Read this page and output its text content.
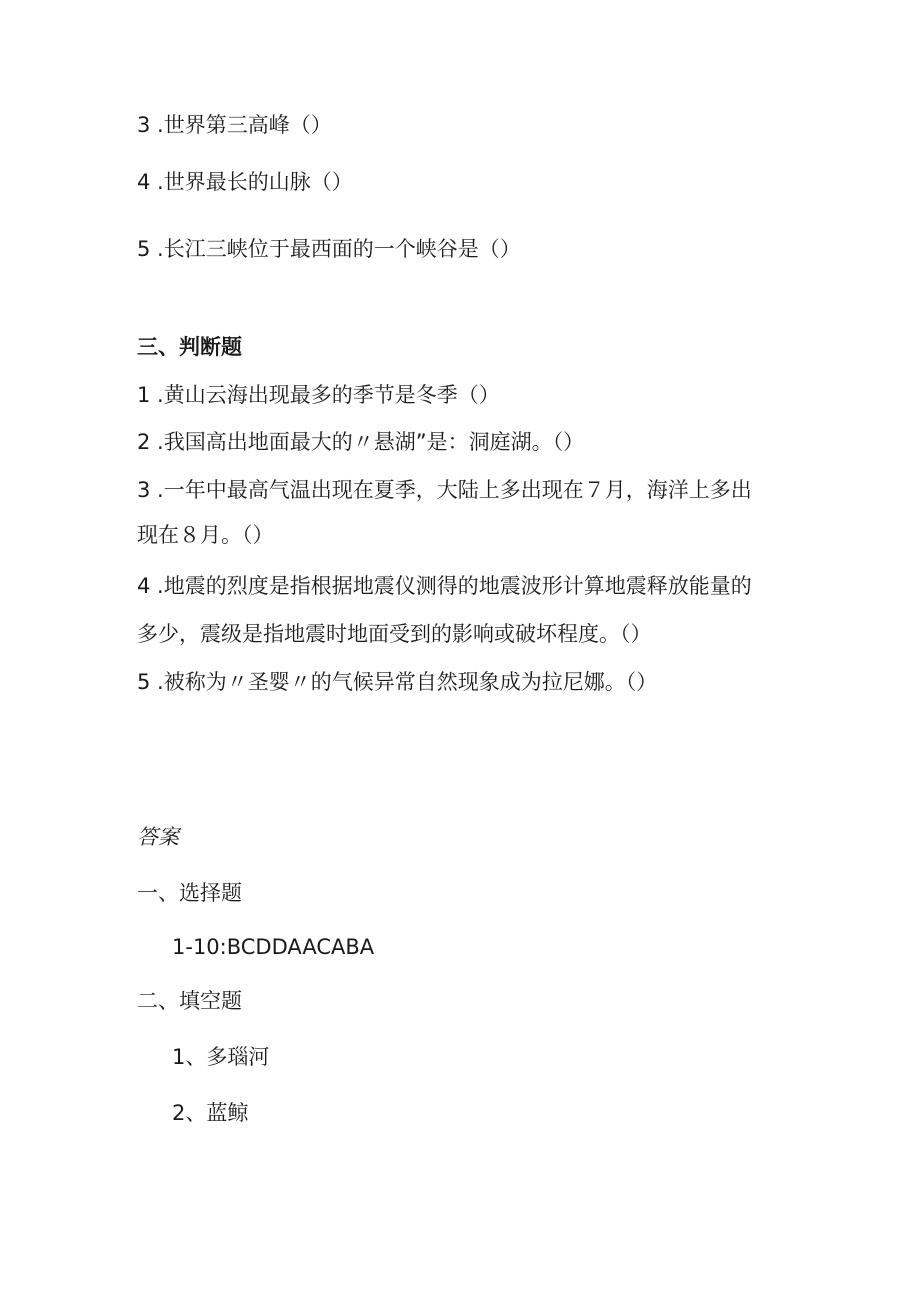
3 .世界第三高峰（）

4 .世界最长的山脉（）

5 .长江三峡位于最西面的一个峡谷是（）

三、判断题

1 .黄山云海出现最多的季节是冬季（）

2 .我国高出地面最大的〃悬湖”是：洞庭湖。（）

3 .一年中最高气温出现在夏季，大陆上多出现在７月，海洋上多出

现在８月。（）

4 .地震的烈度是指根据地震仪测得的地震波形计算地震释放能量的

多少，震级是指地震时地面受到的影响或破坏程度。（）

5 .被称为〃圣婴〃的气候异常自然现象成为拉尼娜。（）

答案

一、选择题

1-10:BCDDAACABA

二、填空题

1、多瑙河

2、蓝鲸
